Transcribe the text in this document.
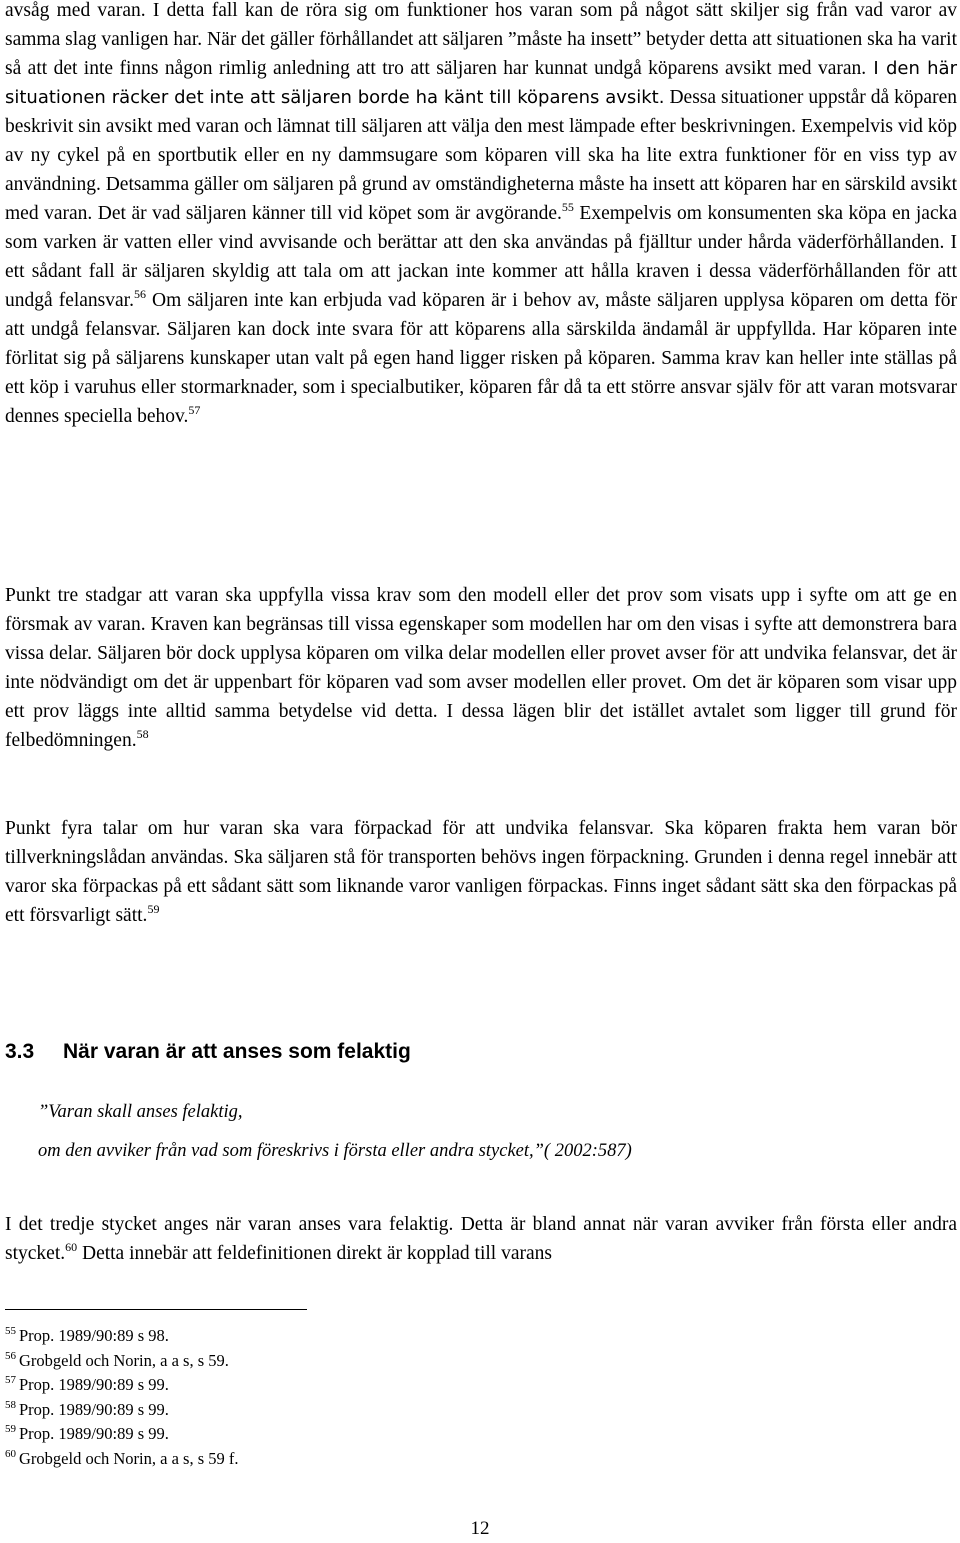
avsåg med varan. I detta fall kan de röra sig om funktioner hos varan som på något sätt skiljer sig från vad varor av samma slag vanligen har. När det gäller förhållandet att säljaren ”måste ha insett” betyder detta att situationen ska ha varit så att det inte finns någon rimlig anledning att tro att säljaren har kunnat undgå köparens avsikt med varan. I den här situationen räcker det inte att säljaren borde ha känt till köparens avsikt. Dessa situationer uppstår då köparen beskrivit sin avsikt med varan och lämnat till säljaren att välja den mest lämpade efter beskrivningen. Exempelvis vid köp av ny cykel på en sportbutik eller en ny dammsugare som köparen vill ska ha lite extra funktioner för en viss typ av användning. Detsamma gäller om säljaren på grund av omständigheterna måste ha insett att köparen har en särskild avsikt med varan. Det är vad säljaren känner till vid köpet som är avgörande.$^{55}$ Exempelvis om konsumenten ska köpa en jacka som varken är vatten eller vind avvisande och berättar att den ska användas på fjälltur under hårda väderförhållanden. I ett sådant fall är säljaren skyldig att tala om att jackan inte kommer att hålla kraven i dessa väderförhållanden för att undgå felansvar.$^{56}$ Om säljaren inte kan erbjuda vad köparen är i behov av, måste säljaren upplysa köparen om detta för att undgå felansvar. Säljaren kan dock inte svara för att köparens alla särskilda ändamål är uppfyllda. Har köparen inte förlitat sig på säljarens kunskaper utan valt på egen hand ligger risken på köparen. Samma krav kan heller inte ställas på ett köp i varuhus eller stormarknader, som i specialbutiker, köparen får då ta ett större ansvar själv för att varan motsvarar dennes speciella behov.$^{57}$

Punkt tre stadgar att varan ska uppfylla vissa krav som den modell eller det prov som visats upp i syfte om att ge en försmak av varan. Kraven kan begränsas till vissa egenskaper som modellen har om den visas i syfte att demonstrera bara vissa delar. Säljaren bör dock upplysa köparen om vilka delar modellen eller provet avser för att undvika felansvar, det är inte nödvändigt om det är uppenbart för köparen vad som avser modellen eller provet. Om det är köparen som visar upp ett prov läggs inte alltid samma betydelse vid detta. I dessa lägen blir det istället avtalet som ligger till grund för felbedömningen.$^{58}$

Punkt fyra talar om hur varan ska vara förpackad för att undvika felansvar. Ska köparen frakta hem varan bör tillverkningslådan användas. Ska säljaren stå för transporten behövs ingen förpackning. Grunden i denna regel innebär att varor ska förpackas på ett sådant sätt som liknande varor vanligen förpackas. Finns inget sådant sätt ska den förpackas på ett försvarligt sätt.$^{59}$

3.3 När varan är att anses som felaktig

”Varan skall anses felaktig,

om den avviker från vad som föreskrivs i första eller andra stycket,”( 2002:587)

I det tredje stycket anges när varan anses vara felaktig. Detta är bland annat när varan avviker från första eller andra stycket.$^{60}$ Detta innebär att feldefinitionen direkt är kopplad till varans

$^{55}$ Prop. 1989/90:89 s 98.
$^{56}$ Grobgeld och Norin, a a s, s 59.
$^{57}$ Prop. 1989/90:89 s 99.
$^{58}$ Prop. 1989/90:89 s 99.
$^{59}$ Prop. 1989/90:89 s 99.
$^{60}$ Grobgeld och Norin, a a s, s 59 f.
12
